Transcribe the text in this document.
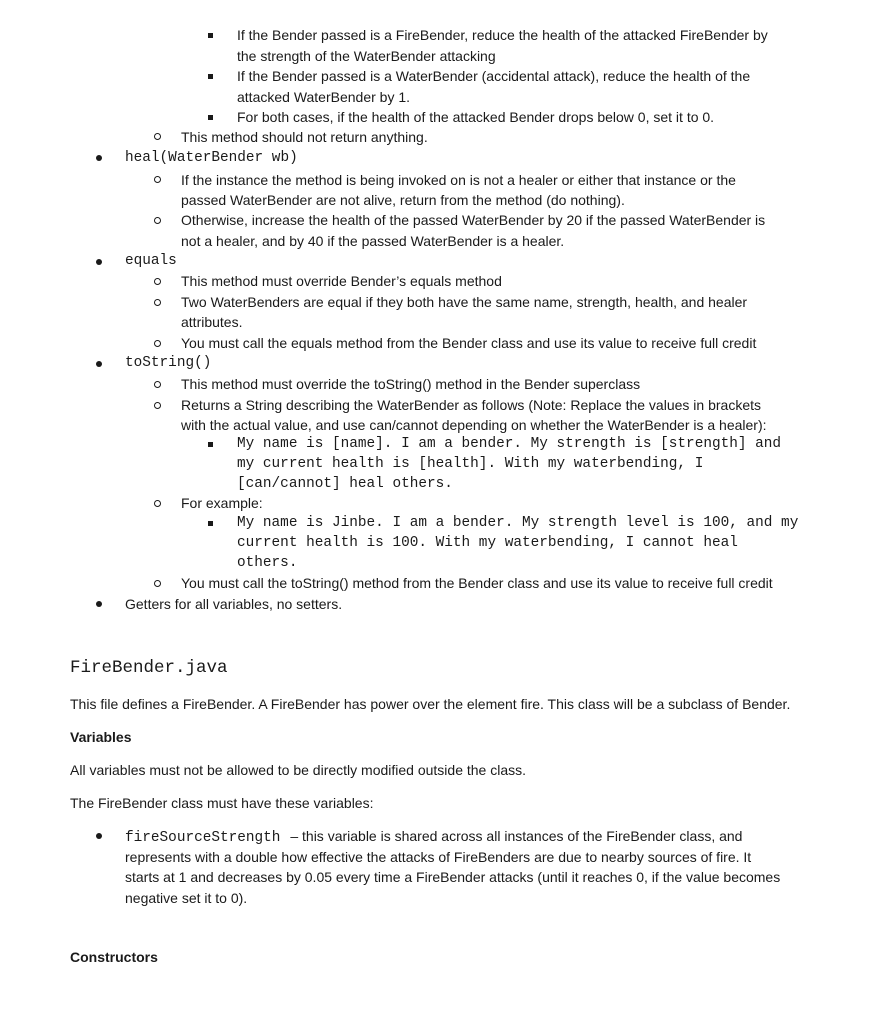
If the Bender passed is a FireBender, reduce the health of the attacked FireBender by
the strength of the WaterBender attacking
If the Bender passed is a WaterBender (accidental attack), reduce the health of the
attacked WaterBender by 1.
For both cases, if the health of the attacked Bender drops below 0, set it to 0.
This method should not return anything.
heal(WaterBender wb)
If the instance the method is being invoked on is not a healer or either that instance or the
passed WaterBender are not alive, return from the method (do nothing).
Otherwise, increase the health of the passed WaterBender by 20 if the passed WaterBender is
not a healer, and by 40 if the passed WaterBender is a healer.
equals
This method must override Bender’s equals method
Two WaterBenders are equal if they both have the same name, strength, health, and healer
attributes.
You must call the equals method from the Bender class and use its value to receive full credit
toString()
This method must override the toString() method in the Bender superclass
Returns a String describing the WaterBender as follows (Note: Replace the values in brackets
with the actual value, and use can/cannot depending on whether the WaterBender is a healer):
My name is [name]. I am a bender. My strength is [strength] and
my current health is [health]. With my waterbending, I
[can/cannot] heal others.
For example:
My name is Jinbe. I am a bender. My strength level is 100, and my
current health is 100. With my waterbending, I cannot heal
others.
You must call the toString() method from the Bender class and use its value to receive full credit
Getters for all variables, no setters.
FireBender.java
This file defines a FireBender. A FireBender has power over the element fire. This class will be a subclass of Bender.
Variables
All variables must not be allowed to be directly modified outside the class.
The FireBender class must have these variables:
fireSourceStrength – this variable is shared across all instances of the FireBender class, and
represents with a double how effective the attacks of FireBenders are due to nearby sources of fire. It
starts at 1 and decreases by 0.05 every time a FireBender attacks (until it reaches 0, if the value becomes
negative set it to 0).
Constructors
